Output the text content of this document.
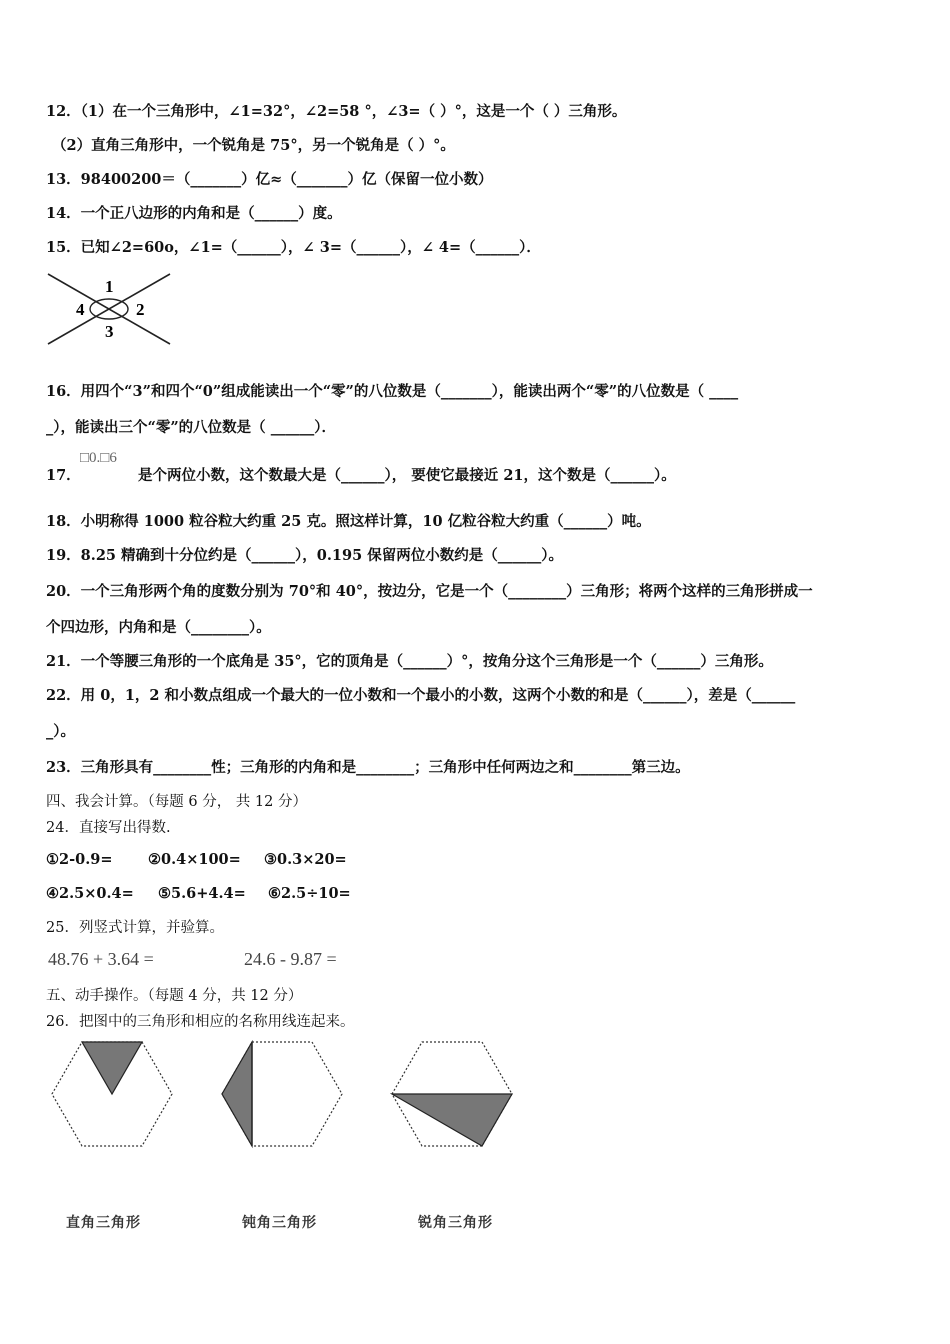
12．（1）在一个三角形中，∠1=32°，∠2=58 °，∠3=（ ）°，这是一个（ ）三角形。
（2）直角三角形中，一个锐角是 75°，另一个锐角是（ ）°。
13．98400200＝（_______）亿≈（_______）亿（保留一位小数）
14．一个正八边形的内角和是（______）度。
15．已知∠2=60o，∠1=（______），∠ 3=（______），∠ 4=（______）．
1
2
3
4
16．用四个“3”和四个“0”组成能读出一个“零”的八位数是（_______），能读出两个“零”的八位数是（ ____
_），能读出三个“零”的八位数是（ ______）．
□0.□6
17．	是个两位小数，这个数最大是（______）， 要使它最接近 21，这个数是（______）。
18．小明称得 1000 粒谷粒大约重 25 克。照这样计算，10 亿粒谷粒大约重（______）吨。
19．8.25 精确到十分位约是（______），0.195 保留两位小数约是（______）。
20．一个三角形两个角的度数分别为 70°和 40°，按边分，它是一个（________）三角形；将两个这样的三角形拼成一
个四边形，内角和是（________）。
21．一个等腰三角形的一个底角是 35°，它的顶角是（______）°，按角分这个三角形是一个（______）三角形。
22．用 0，1，2 和小数点组成一个最大的一位小数和一个最小的小数，这两个小数的和是（______），差是（______
_）。
23．三角形具有________性；三角形的内角和是________；三角形中任何两边之和________第三边。
四、我会计算。（每题 6 分， 共 12 分）
24．直接写出得数.
①2-0.9= ②0.4×100= ③0.3×20=
④2.5×0.4= ⑤5.6+4.4= ⑥2.5÷10=
25．列竖式计算，并验算。
48.76 + 3.64 =	24.6 - 9.87 =
五、动手操作。（每题 4 分，共 12 分）
26．把图中的三角形和相应的名称用线连起来。
直角三角形	钝角三角形	锐角三角形
